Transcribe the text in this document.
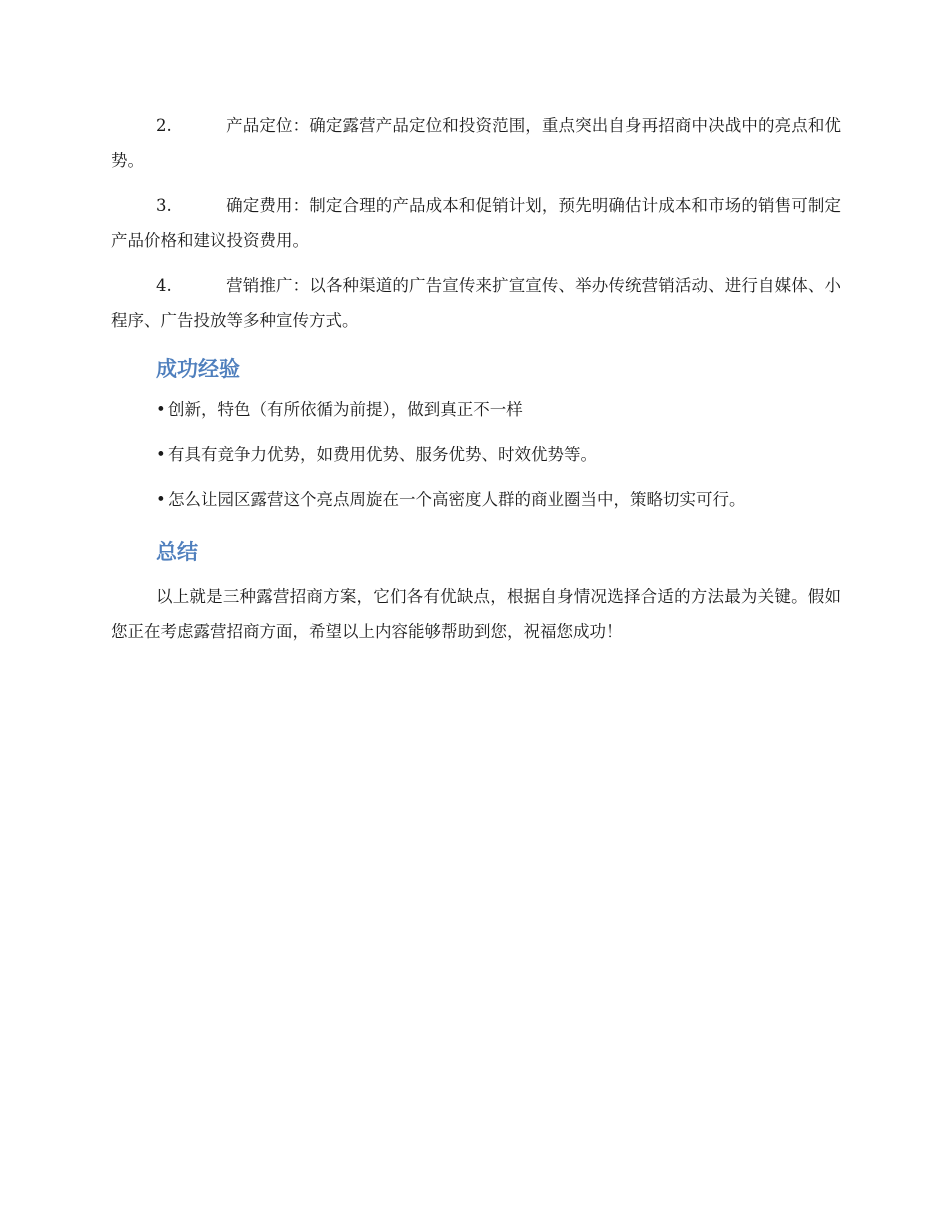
2.	产品定位：确定露营产品定位和投资范围，重点突出自身再招商中决战中的亮点和优势。

3.	确定费用：制定合理的产品成本和促销计划，预先明确估计成本和市场的销售可制定产品价格和建议投资费用。

4.	营销推广：以各种渠道的广告宣传来扩宣宣传、举办传统营销活动、进行自媒体、小程序、广告投放等多种宣传方式。

成功经验

• 创新，特色（有所依循为前提），做到真正不一样

• 有具有竞争力优势，如费用优势、服务优势、时效优势等。

• 怎么让园区露营这个亮点周旋在一个高密度人群的商业圈当中，策略切实可行。

总结

以上就是三种露营招商方案，它们各有优缺点，根据自身情况选择合适的方法最为关键。假如您正在考虑露营招商方面，希望以上内容能够帮助到您，祝福您成功！
